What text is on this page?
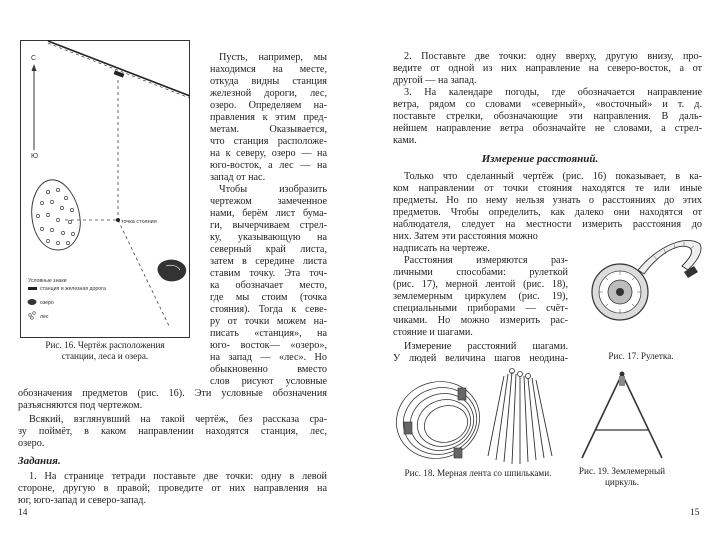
С
Ю
точка стояния
Условные знаки
станция и железная дорога
озеро
лес
Рис. 16. Чертёж расположения
станции, леса и озера.
Пусть, например, мы
находимся на месте,
откуда видны станция
железной дороги, лес,
озеро. Определяем на-
правления к этим пред-
метам. Оказывается,
что станция расположе-
на к северу, озеро — на
юго-восток, а лес — на
запад от нас.
Чтобы изобразить
чертежом замеченное
нами, берём лист бума-
ги, вычерчиваем стрел-
ку, указывающую на
северный край листа,
затем в середине листа
ставим точку. Эта точ-
ка обозначает место,
где мы стоим (точка
стояния). Тогда к севе-
ру от точки можем на-
писать «станция», на
юго- восток— «озеро»,
на запад — «лес». Но
обыкновенно вместо
слов рисуют условные
обозначения предметов (рис. 16). Эти условные обозначения
разъясняются под чертежом.
Всякий, взглянувший на такой чертёж, без рассказа сра-
зу поймёт, в каком направлении находятся станция, лес,
озеро.
Задания.
1. На странице тетради поставьте две точки: одну в левой
стороне, другую в правой; проведите от них направления на
юг, юго-запад и северо-запад.
14
2. Поставьте две точки: одну вверху, другую внизу, про-
ведите от одной из них направление на северо-восток, а от
другой — на запад.
3. На календаре погоды, где обозначается направление
ветра, рядом со словами «северный», «восточный» и т. д.
поставьте стрелки, обозначающие эти направления. В даль-
нейшем направление ветра обозначайте не словами, а стрел-
ками.
Измерение расстояний.
Только что сделанный чертёж (рис. 16) показывает, в ка-
ком направлении от точки стояния находятся те или иные
предметы. Но по нему нельзя узнать о расстояниях до этих
предметов. Чтобы определить, как далеко они находятся от
наблюдателя, следует на местности измерить расстояния до
них. Затем эти расстояния можно
надписать на чертеже.
Расстояния измеряются раз-
личными способами: рулеткой
(рис. 17), мерной лентой (рис. 18),
землемерным циркулем (рис. 19),
специальными приборами — счёт-
чиками. Но можно измерить рас-
стояние и шагами.
Измерение расстояний шагами.
У людей величина шагов неодина-	Рис. 17. Рулетка.
Рис. 18. Мерная лента со шпильками.	Рис. 19. Землемерный
циркуль.
15
